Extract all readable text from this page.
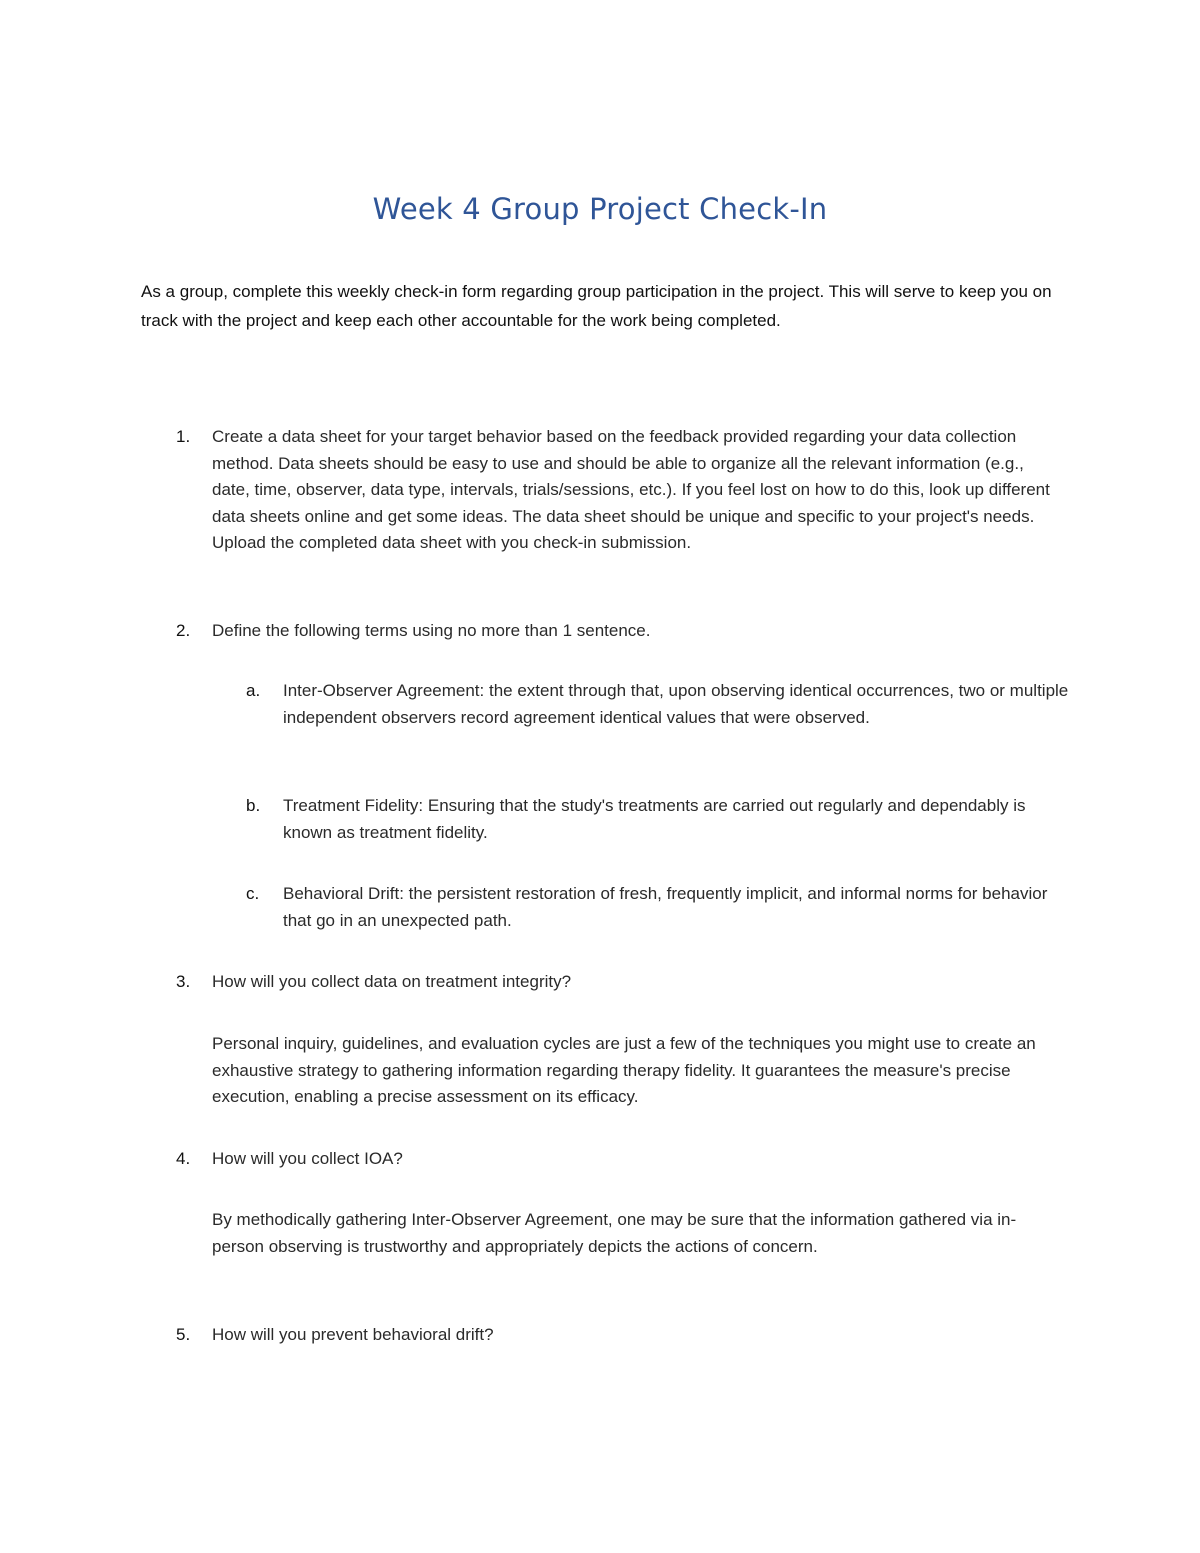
Week 4 Group Project Check-In

As a group, complete this weekly check-in form regarding group participation in the project. This will serve to keep you on track with the project and keep each other accountable for the work being completed.

1.	Create a data sheet for your target behavior based on the feedback provided regarding your data collection method. Data sheets should be easy to use and should be able to organize all the relevant information (e.g., date, time, observer, data type, intervals, trials/sessions, etc.). If you feel lost on how to do this, look up different data sheets online and get some ideas. The data sheet should be unique and specific to your project's needs. Upload the completed data sheet with you check-in submission.

2.	Define the following terms using no more than 1 sentence.

a.	Inter-Observer Agreement: the extent through that, upon observing identical occurrences, two or multiple independent observers record agreement identical values that were observed.

b.	Treatment Fidelity: Ensuring that the study's treatments are carried out regularly and dependably is known as treatment fidelity.

c.	Behavioral Drift: the persistent restoration of fresh, frequently implicit, and informal norms for behavior that go in an unexpected path.

3.	How will you collect data on treatment integrity?

Personal inquiry, guidelines, and evaluation cycles are just a few of the techniques you might use to create an exhaustive strategy to gathering information regarding therapy fidelity. It guarantees the measure's precise execution, enabling a precise assessment on its efficacy.

4.	How will you collect IOA?

By methodically gathering Inter-Observer Agreement, one may be sure that the information gathered via in-person observing is trustworthy and appropriately depicts the actions of concern.

5.	How will you prevent behavioral drift?
